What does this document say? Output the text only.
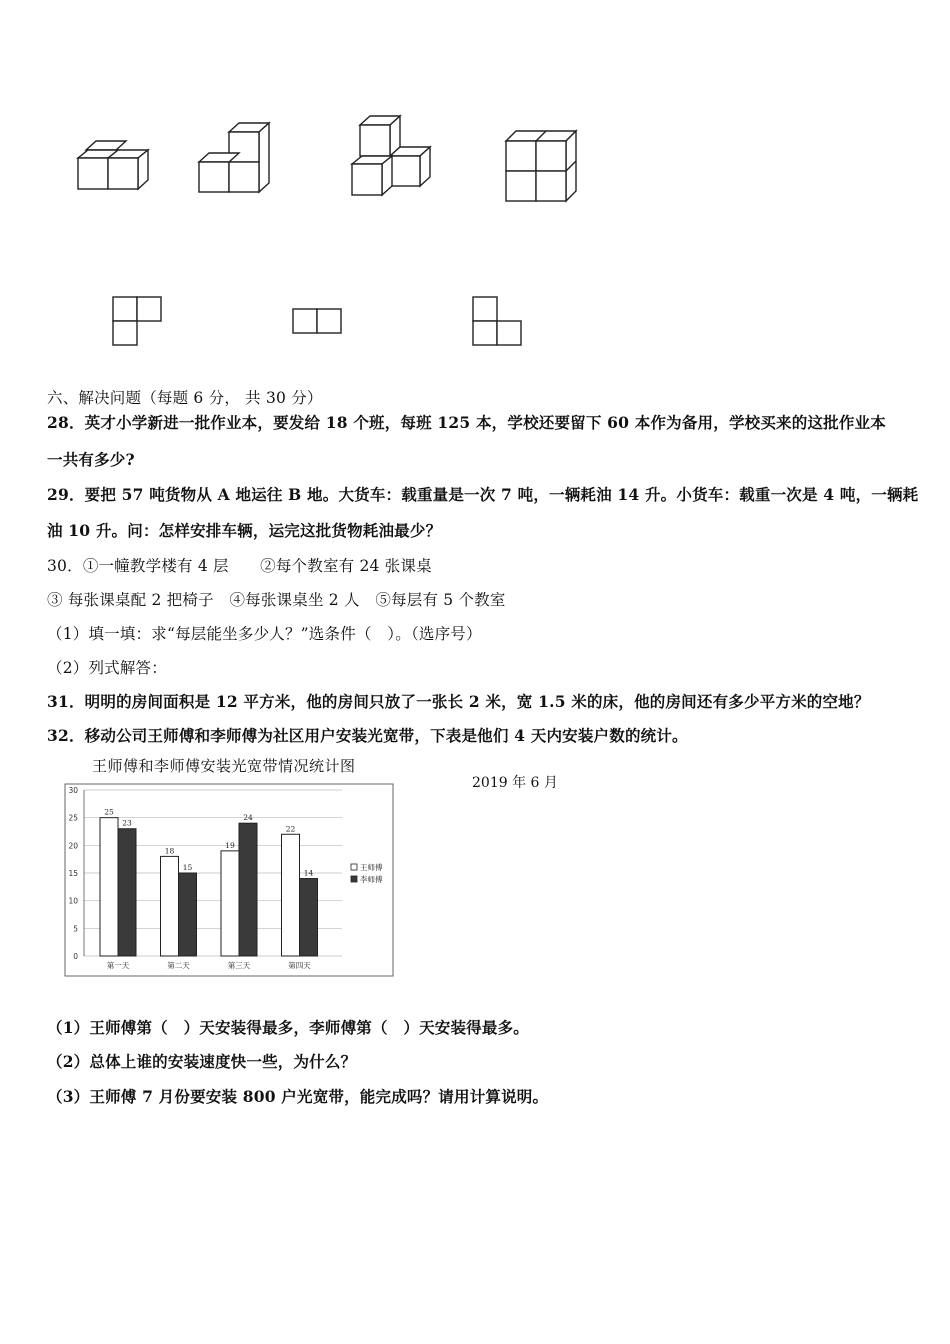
六、解决问题（每题 6 分， 共 30 分）
28．英才小学新进一批作业本，要发给 18 个班，每班 125 本，学校还要留下 60 本作为备用，学校买来的这批作业本
一共有多少?
29．要把 57 吨货物从 A 地运往 B 地。大货车：载重量是一次 7 吨，一辆耗油 14 升。小货车：载重一次是 4 吨，一辆耗
油 10 升。问：怎样安排车辆，运完这批货物耗油最少？
30．①一幢教学楼有 4 层　　②每个教室有 24 张课桌
③ 每张课桌配 2 把椅子　④每张课桌坐 2 人　⑤每层有 5 个教室
（1）填一填：求“每层能坐多少人？”选条件（　）。（选序号）
（2）列式解答：
31．明明的房间面积是 12 平方米，他的房间只放了一张长 2 米，宽 1.5 米的床，他的房间还有多少平方米的空地？
32．移动公司王师傅和李师傅为社区用户安装光宽带，下表是他们 4 天内安装户数的统计。
王师傅和李师傅安装光宽带情况统计图
2019 年 6 月
0
5
10
15
20
25
30
25
23
第一天
18
15
第二天
19
24
第三天
22
14
第四天
王师傅
李师傅
（1）王师傅第（　）天安装得最多，李师傅第（　）天安装得最多。
（2）总体上谁的安装速度快一些，为什么？
（3）王师傅 7 月份要安装 800 户光宽带，能完成吗？请用计算说明。
